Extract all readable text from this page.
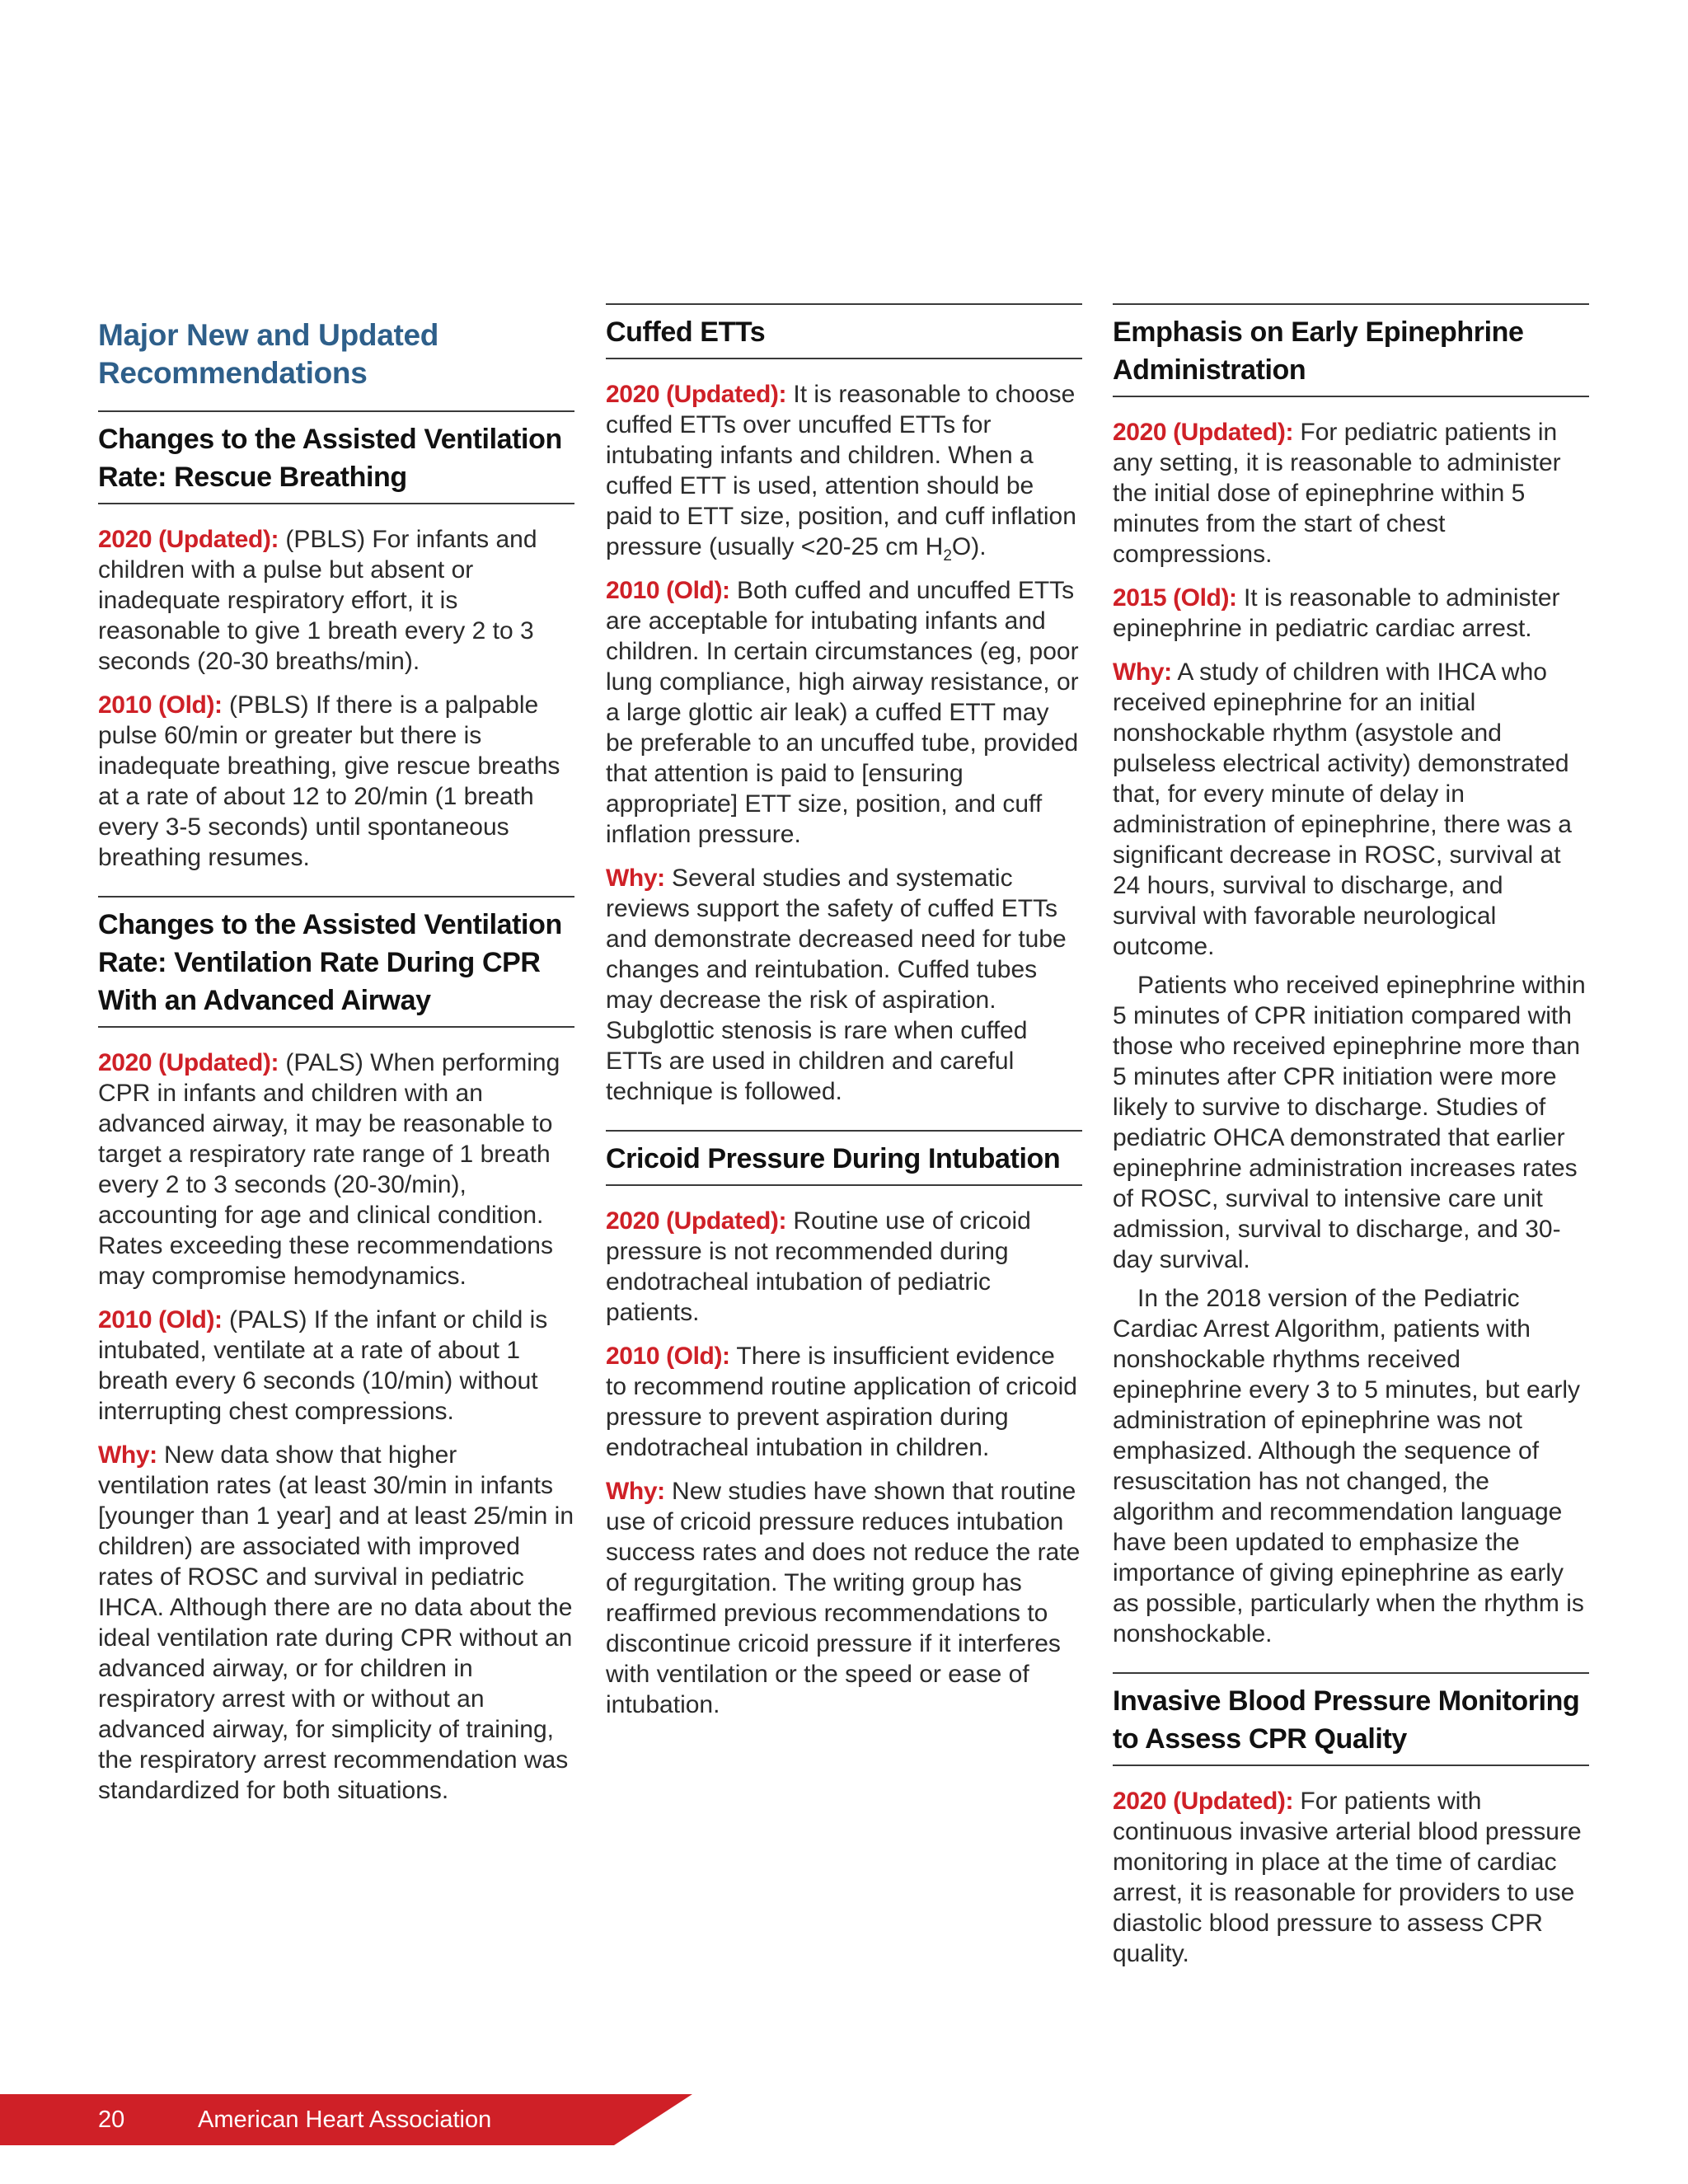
Major New and Updated Recommendations
Changes to the Assisted Ventilation Rate: Rescue Breathing

2020 (Updated): (PBLS) For infants and children with a pulse but absent or inadequate respiratory effort, it is reasonable to give 1 breath every 2 to 3 seconds (20-30 breaths/min).

2010 (Old): (PBLS) If there is a palpable pulse 60/min or greater but there is inadequate breathing, give rescue breaths at a rate of about 12 to 20/min (1 breath every 3-5 seconds) until spontaneous breathing resumes.

Changes to the Assisted Ventilation Rate: Ventilation Rate During CPR With an Advanced Airway

2020 (Updated): (PALS) When performing CPR in infants and children with an advanced airway, it may be reasonable to target a respiratory rate range of 1 breath every 2 to 3 seconds (20-30/min), accounting for age and clinical condition. Rates exceeding these recommendations may compromise hemodynamics.

2010 (Old): (PALS) If the infant or child is intubated, ventilate at a rate of about 1 breath every 6 seconds (10/min) without interrupting chest compressions.

Why: New data show that higher ventilation rates (at least 30/min in infants [younger than 1 year] and at least 25/min in children) are associated with improved rates of ROSC and survival in pediatric IHCA. Although there are no data about the ideal ventilation rate during CPR without an advanced airway, or for children in respiratory arrest with or without an advanced airway, for simplicity of training, the respiratory arrest recommendation was standardized for both situations.

Cuffed ETTs

2020 (Updated): It is reasonable to choose cuffed ETTs over uncuffed ETTs for intubating infants and children. When a cuffed ETT is used, attention should be paid to ETT size, position, and cuff inflation pressure (usually <20-25 cm $H_2O$).

2010 (Old): Both cuffed and uncuffed ETTs are acceptable for intubating infants and children. In certain circumstances (eg, poor lung compliance, high airway resistance, or a large glottic air leak) a cuffed ETT may be preferable to an uncuffed tube, provided that attention is paid to [ensuring appropriate] ETT size, position, and cuff inflation pressure.

Why: Several studies and systematic reviews support the safety of cuffed ETTs and demonstrate decreased need for tube changes and reintubation. Cuffed tubes may decrease the risk of aspiration. Subglottic stenosis is rare when cuffed ETTs are used in children and careful technique is followed.

Cricoid Pressure During Intubation

2020 (Updated): Routine use of cricoid pressure is not recommended during endotracheal intubation of pediatric patients.

2010 (Old): There is insufficient evidence to recommend routine application of cricoid pressure to prevent aspiration during endotracheal intubation in children.

Why: New studies have shown that routine use of cricoid pressure reduces intubation success rates and does not reduce the rate of regurgitation. The writing group has reaffirmed previous recommendations to discontinue cricoid pressure if it interferes with ventilation or the speed or ease of intubation.

Emphasis on Early Epinephrine Administration

2020 (Updated): For pediatric patients in any setting, it is reasonable to administer the initial dose of epinephrine within 5 minutes from the start of chest compressions.

2015 (Old): It is reasonable to administer epinephrine in pediatric cardiac arrest.

Why: A study of children with IHCA who received epinephrine for an initial nonshockable rhythm (asystole and pulseless electrical activity) demonstrated that, for every minute of delay in administration of epinephrine, there was a significant decrease in ROSC, survival at 24 hours, survival to discharge, and survival with favorable neurological outcome.

Patients who received epinephrine within 5 minutes of CPR initiation compared with those who received epinephrine more than 5 minutes after CPR initiation were more likely to survive to discharge. Studies of pediatric OHCA demonstrated that earlier epinephrine administration increases rates of ROSC, survival to intensive care unit admission, survival to discharge, and 30-day survival.

In the 2018 version of the Pediatric Cardiac Arrest Algorithm, patients with nonshockable rhythms received epinephrine every 3 to 5 minutes, but early administration of epinephrine was not emphasized. Although the sequence of resuscitation has not changed, the algorithm and recommendation language have been updated to emphasize the importance of giving epinephrine as early as possible, particularly when the rhythm is nonshockable.

Invasive Blood Pressure Monitoring to Assess CPR Quality

2020 (Updated): For patients with continuous invasive arterial blood pressure monitoring in place at the time of cardiac arrest, it is reasonable for providers to use diastolic blood pressure to assess CPR quality.

20	American Heart Association
